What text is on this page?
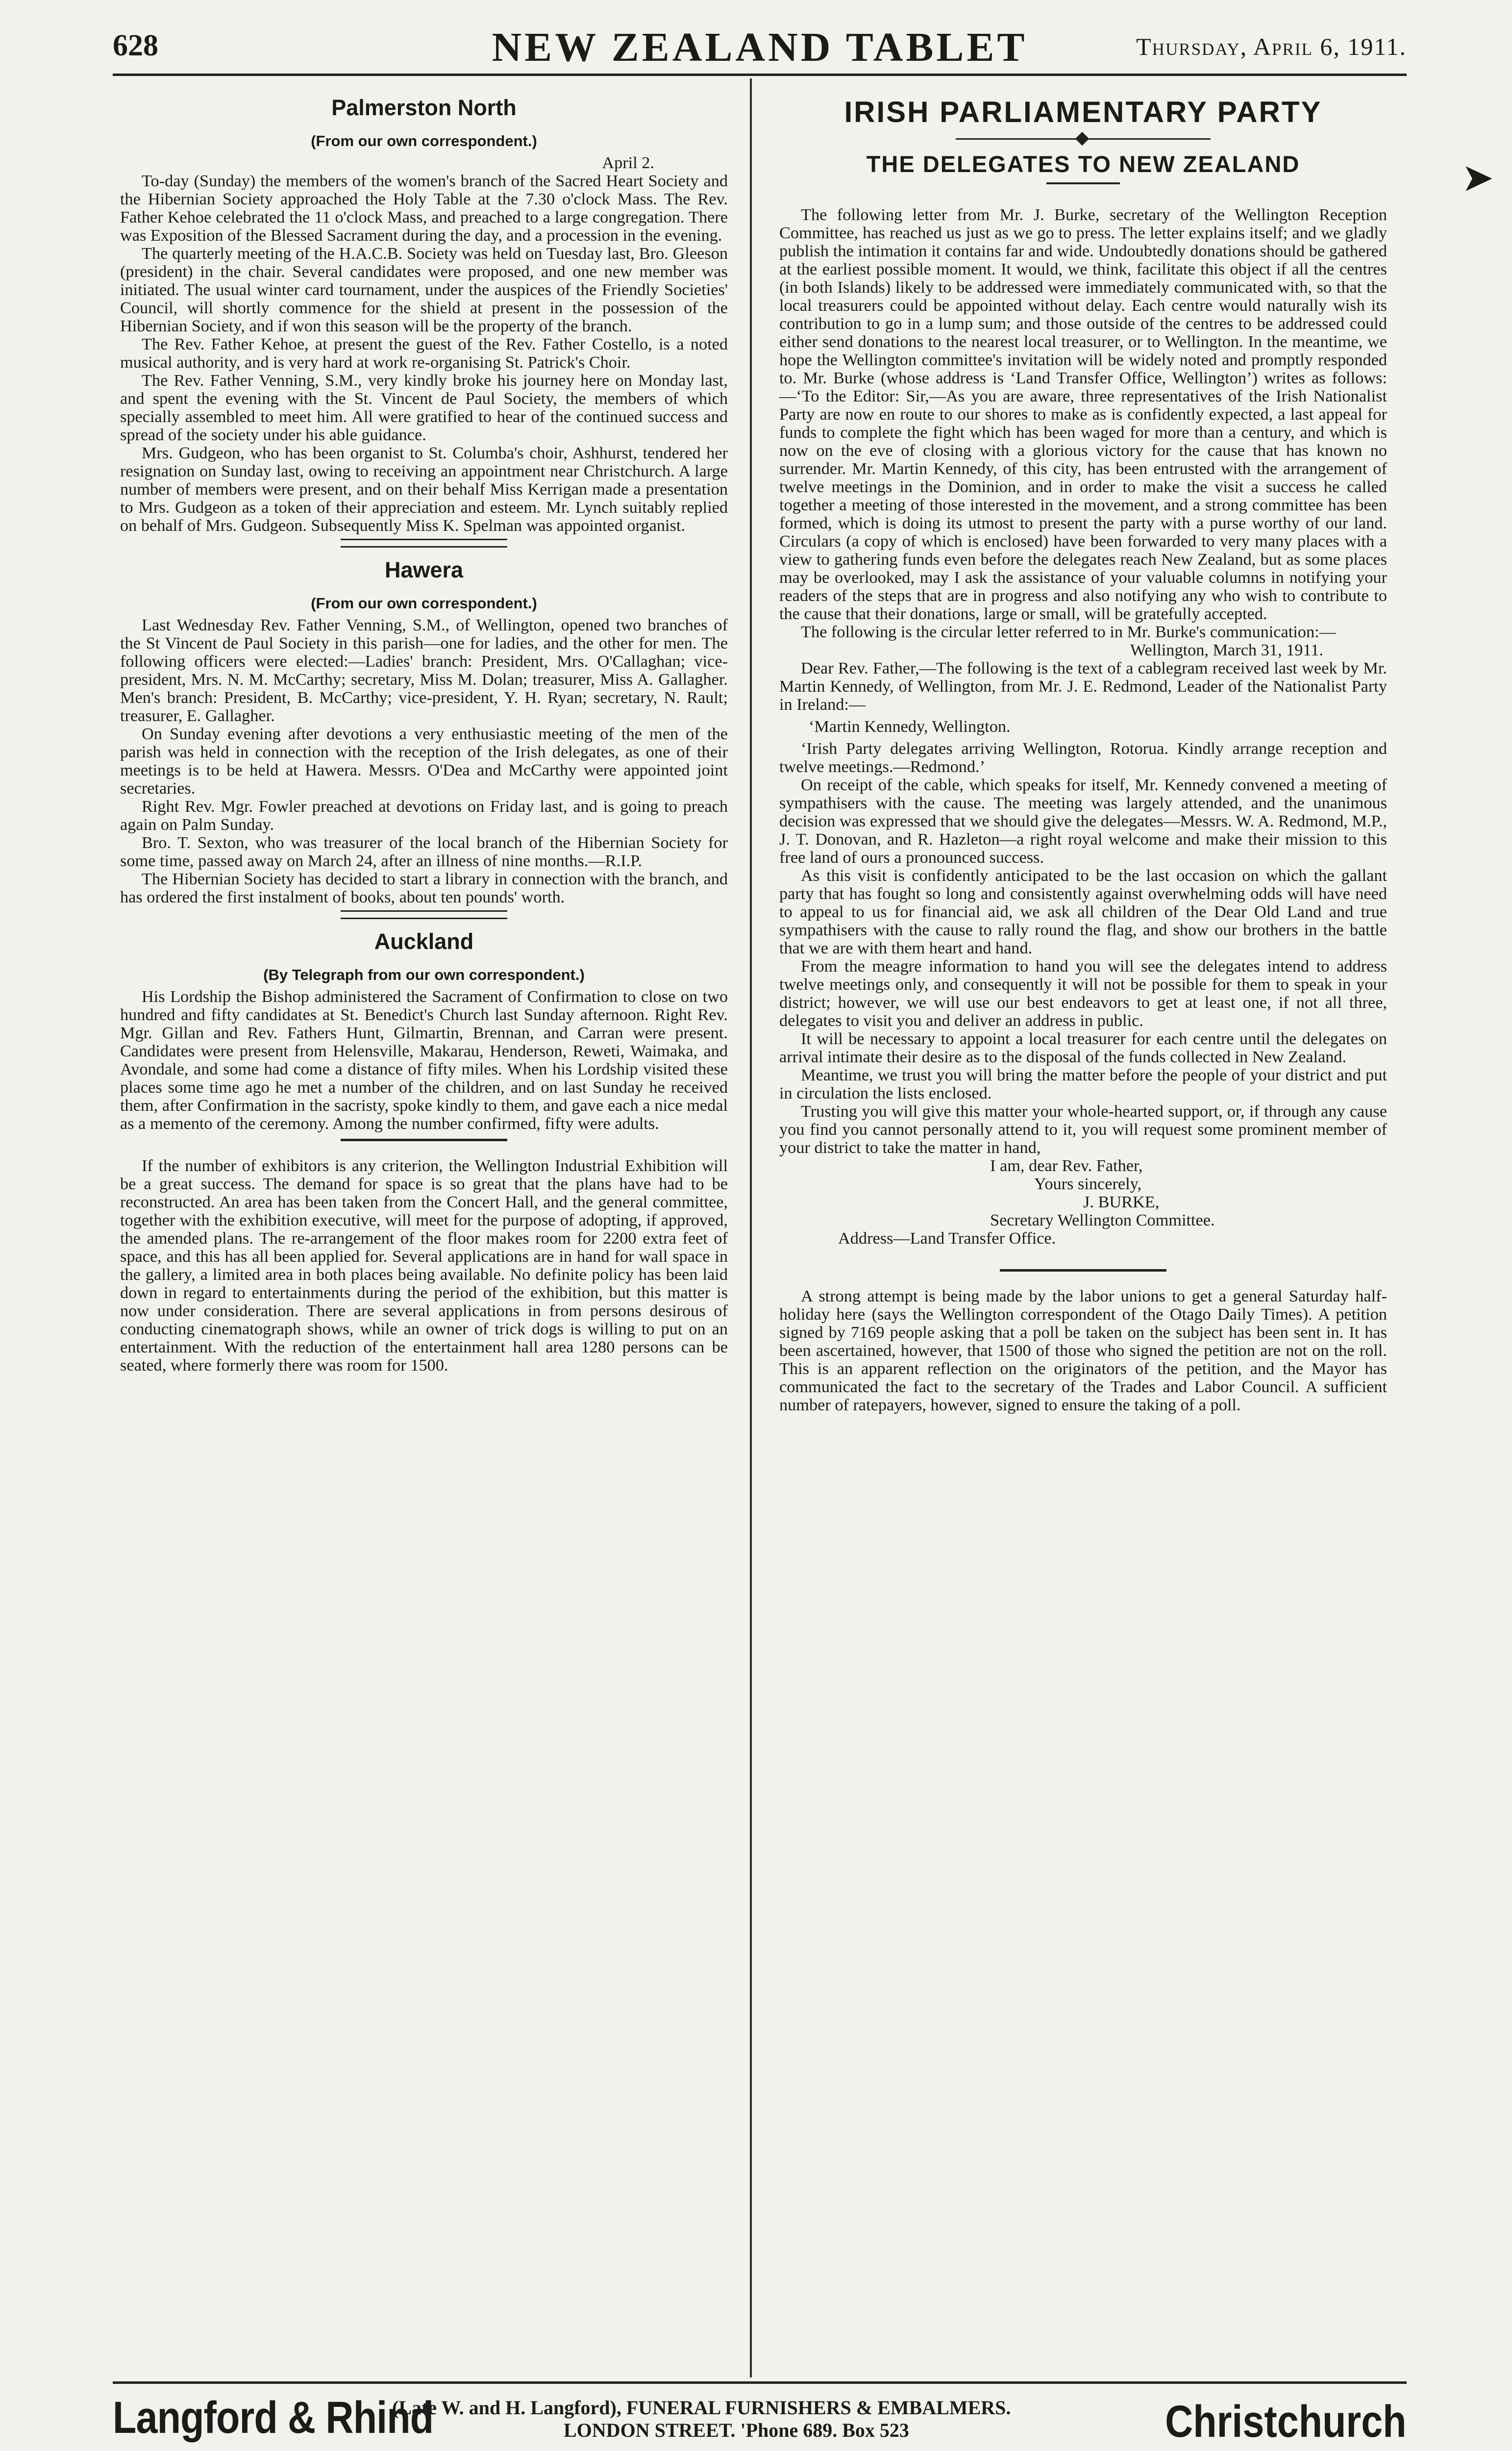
628	NEW ZEALAND TABLET	Thursday, April 6, 1911.
Palmerston North
(From our own correspondent.)
April 2.

To-day (Sunday) the members of the women's branch of the Sacred Heart Society and the Hibernian Society approached the Holy Table at the 7.30 o'clock Mass. The Rev. Father Kehoe celebrated the 11 o'clock Mass, and preached to a large congregation. There was Exposition of the Blessed Sacrament during the day, and a procession in the evening.

The quarterly meeting of the H.A.C.B. Society was held on Tuesday last, Bro. Gleeson (president) in the chair. Several candidates were proposed, and one new member was initiated. The usual winter card tournament, under the auspices of the Friendly Societies' Council, will shortly commence for the shield at present in the possession of the Hibernian Society, and if won this season will be the property of the branch.

The Rev. Father Kehoe, at present the guest of the Rev. Father Costello, is a noted musical authority, and is very hard at work re-organising St. Patrick's Choir.

The Rev. Father Venning, S.M., very kindly broke his journey here on Monday last, and spent the evening with the St. Vincent de Paul Society, the members of which specially assembled to meet him. All were gratified to hear of the continued success and spread of the society under his able guidance.

Mrs. Gudgeon, who has been organist to St. Columba's choir, Ashhurst, tendered her resignation on Sunday last, owing to receiving an appointment near Christchurch. A large number of members were present, and on their behalf Miss Kerrigan made a presentation to Mrs. Gudgeon as a token of their appreciation and esteem. Mr. Lynch suitably replied on behalf of Mrs. Gudgeon. Subsequently Miss K. Spelman was appointed organist.

Hawera
(From our own correspondent.)

Last Wednesday Rev. Father Venning, S.M., of Wellington, opened two branches of the St Vincent de Paul Society in this parish—one for ladies, and the other for men. The following officers were elected:—Ladies' branch: President, Mrs. O'Callaghan; vice-president, Mrs. N. M. McCarthy; secretary, Miss M. Dolan; treasurer, Miss A. Gallagher. Men's branch: President, B. McCarthy; vice-president, Y. H. Ryan; secretary, N. Rault; treasurer, E. Gallagher.

On Sunday evening after devotions a very enthusiastic meeting of the men of the parish was held in connection with the reception of the Irish delegates, as one of their meetings is to be held at Hawera. Messrs. O'Dea and McCarthy were appointed joint secretaries.

Right Rev. Mgr. Fowler preached at devotions on Friday last, and is going to preach again on Palm Sunday.

Bro. T. Sexton, who was treasurer of the local branch of the Hibernian Society for some time, passed away on March 24, after an illness of nine months.—R.I.P.

The Hibernian Society has decided to start a library in connection with the branch, and has ordered the first instalment of books, about ten pounds' worth.

Auckland
(By Telegraph from our own correspondent.)

His Lordship the Bishop administered the Sacrament of Confirmation to close on two hundred and fifty candidates at St. Benedict's Church last Sunday afternoon. Right Rev. Mgr. Gillan and Rev. Fathers Hunt, Gilmartin, Brennan, and Carran were present. Candidates were present from Helensville, Makarau, Henderson, Reweti, Waimaka, and Avondale, and some had come a distance of fifty miles. When his Lordship visited these places some time ago he met a number of the children, and on last Sunday he received them, after Confirmation in the sacristy, spoke kindly to them, and gave each a nice medal as a memento of the ceremony. Among the number confirmed, fifty were adults.

If the number of exhibitors is any criterion, the Wellington Industrial Exhibition will be a great success. The demand for space is so great that the plans have had to be reconstructed. An area has been taken from the Concert Hall, and the general committee, together with the exhibition executive, will meet for the purpose of adopting, if approved, the amended plans. The re-arrangement of the floor makes room for 2200 extra feet of space, and this has all been applied for. Several applications are in hand for wall space in the gallery, a limited area in both places being available. No definite policy has been laid down in regard to entertainments during the period of the exhibition, but this matter is now under consideration. There are several applications in from persons desirous of conducting cinematograph shows, while an owner of trick dogs is willing to put on an entertainment. With the reduction of the entertainment hall area 1280 persons can be seated, where formerly there was room for 1500.

IRISH PARLIAMENTARY PARTY
THE DELEGATES TO NEW ZEALAND

The following letter from Mr. J. Burke, secretary of the Wellington Reception Committee, has reached us just as we go to press. The letter explains itself; and we gladly publish the intimation it contains far and wide. Undoubtedly donations should be gathered at the earliest possible moment. It would, we think, facilitate this object if all the centres (in both Islands) likely to be addressed were immediately communicated with, so that the local treasurers could be appointed without delay. Each centre would naturally wish its contribution to go in a lump sum; and those outside of the centres to be addressed could either send donations to the nearest local treasurer, or to Wellington. In the meantime, we hope the Wellington committee's invitation will be widely noted and promptly responded to. Mr. Burke (whose address is ‘Land Transfer Office, Wellington’) writes as follows:—‘To the Editor: Sir,—As you are aware, three representatives of the Irish Nationalist Party are now en route to our shores to make as is confidently expected, a last appeal for funds to complete the fight which has been waged for more than a century, and which is now on the eve of closing with a glorious victory for the cause that has known no surrender. Mr. Martin Kennedy, of this city, has been entrusted with the arrangement of twelve meetings in the Dominion, and in order to make the visit a success he called together a meeting of those interested in the movement, and a strong committee has been formed, which is doing its utmost to present the party with a purse worthy of our land. Circulars (a copy of which is enclosed) have been forwarded to very many places with a view to gathering funds even before the delegates reach New Zealand, but as some places may be overlooked, may I ask the assistance of your valuable columns in notifying your readers of the steps that are in progress and also notifying any who wish to contribute to the cause that their donations, large or small, will be gratefully accepted.

The following is the circular letter referred to in Mr. Burke's communication:—

Wellington, March 31, 1911.

Dear Rev. Father,—The following is the text of a cablegram received last week by Mr. Martin Kennedy, of Wellington, from Mr. J. E. Redmond, Leader of the Nationalist Party in Ireland:—

‘Martin Kennedy, Wellington.

‘Irish Party delegates arriving Wellington, Rotorua. Kindly arrange reception and twelve meetings.—Redmond.’

On receipt of the cable, which speaks for itself, Mr. Kennedy convened a meeting of sympathisers with the cause. The meeting was largely attended, and the unanimous decision was expressed that we should give the delegates—Messrs. W. A. Redmond, M.P., J. T. Donovan, and R. Hazleton—a right royal welcome and make their mission to this free land of ours a pronounced success.

As this visit is confidently anticipated to be the last occasion on which the gallant party that has fought so long and consistently against overwhelming odds will have need to appeal to us for financial aid, we ask all children of the Dear Old Land and true sympathisers with the cause to rally round the flag, and show our brothers in the battle that we are with them heart and hand.

From the meagre information to hand you will see the delegates intend to address twelve meetings only, and consequently it will not be possible for them to speak in your district; however, we will use our best endeavors to get at least one, if not all three, delegates to visit you and deliver an address in public.

It will be necessary to appoint a local treasurer for each centre until the delegates on arrival intimate their desire as to the disposal of the funds collected in New Zealand.

Meantime, we trust you will bring the matter before the people of your district and put in circulation the lists enclosed.

Trusting you will give this matter your whole-hearted support, or, if through any cause you find you cannot personally attend to it, you will request some prominent member of your district to take the matter in hand,

I am, dear Rev. Father,

Yours sincerely,

J. BURKE,

Secretary Wellington Committee.

Address—Land Transfer Office.

A strong attempt is being made by the labor unions to get a general Saturday half-holiday here (says the Wellington correspondent of the Otago Daily Times). A petition signed by 7169 people asking that a poll be taken on the subject has been sent in. It has been ascertained, however, that 1500 of those who signed the petition are not on the roll. This is an apparent reflection on the originators of the petition, and the Mayor has communicated the fact to the secretary of the Trades and Labor Council. A sufficient number of ratepayers, however, signed to ensure the taking of a poll.

➤
Langford & Rhind
(Late W. and H. Langford), FUNERAL FURNISHERS & EMBALMERS.
LONDON STREET. 'Phone 689. Box 523	Christchurch
